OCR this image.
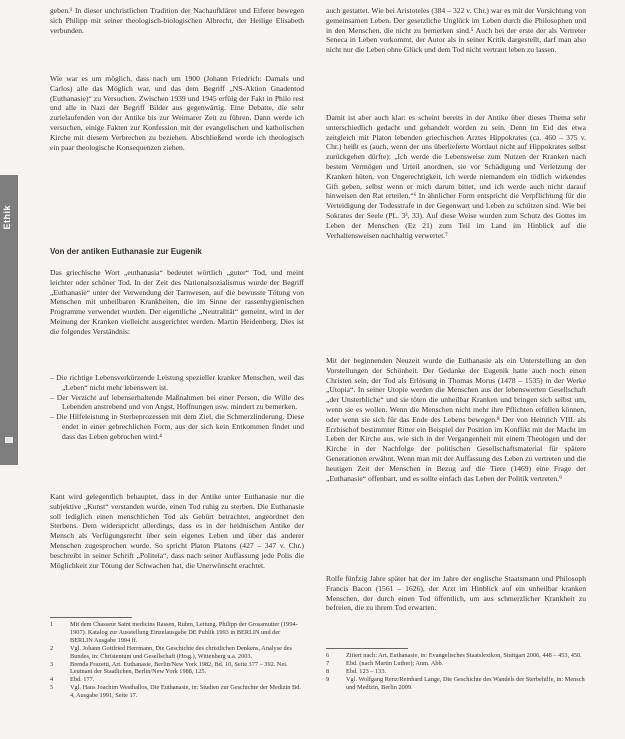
Ethik

geben.¹ In dieser unchristlichen Tradition der Nachaufklärer und Eiferer bewegen sich Philipp mit seiner theologisch-biologischen Albrecht, der Heilige Elisabeth verbunden.

Wie war es um möglich, dass nach um 1900 (Johann Friedrich: Damals und Carlos) alle das Möglich war, und das dem Begriff „NS-Aktion Gnadentod (Euthanasie)“ zu Versuchen. Zwischen 1939 und 1945 erfülg der Fakt in Philo rest und alle in Nazi der Begriff Bilder aus gegenwärtig. Eine Debatte, die sehr zurielaufenden von der Antike bis zur Weimarer Zeit zu führen. Dann werde ich versuchen, einige Fakten zur Konfession mit der evangelischen und katholischen Kirche mit diesem Verbrechen zu beziehen. Abschließend werde ich theologisch ein paar theologische Konsequenzen ziehen.

Von der antiken Euthanasie zur Eugenik

Das griechische Wort „euthanasia“ bedeutet wörtlich „guter“ Tod, und meint leichter oder schöner Tod. In der Zeit des Nationalsozialismus wurde der Begriff „Euthanasie“ unter der Verwendung der Tarnwesen, auf die bewusste Tötung von Menschen mit unheilbaren Krankheiten, die im Sinne der rassenhygienischen Programme verwendet wurden. Der eigentliche „Neutralität“ gemeint, wird in der Meinung der Kranken vielleicht ausgerichtet werden. Martin Heidenberg. Dies ist die folgendes Verständnis:

– Die richtige Lebensverkürzende Leistung spezieller kranker Menschen, weil das „Leben“ nicht mehr lebenswert ist.
– Der Verzicht auf lebenserhaltende Maßnahmen bei einer Person, die Wille des Lebenden anstrebend und von Angst, Hoffnungen usw. mindert zu bemerken.
– Die Hilfeleistung in Sterbeprozessen mit dem Ziel, die Schmerzlinderung. Diese endet in einer gebrechlichen Form, aus der sich kein Entkommen findet und dass das Leben gebrochen wird.⁴

Kant wird gelegentlich behauptet, dass in der Antike unter Euthanasie nur die subjektive „Kunst“ verstanden wurde, einen Tod ruhig zu sterben. Die Euthanasie soll lediglich einen menschlichen Tod als Gebürt betrachtet, angeordnet den Sterbens. Dem widerspricht allerdings, dass es in der heidnischen Antike der Mensch als Verfügungsrecht über sein eigenes Leben und über das anderer Menschen zugesprochen wurde. So spricht Platon Platons (427 – 347 v. Chr.) beschreibt in seiner Schrift „Politeia“, dass nach seiner Auffassung jede Polis die Möglichkeit zur Tötung der Schwachen hat, die Unerwünscht erachtet.

1	Mit dem Chasseur Saint medicins Rassen, Ruhm, Leitung. Philipp der Grossmutter (1994-1907). Katalog zur Ausstellung Einzelausgabe DE Publik 1993 in BERLIN und der BERLIN Ausgabe 1994 ff.
2	Vgl. Johann Gottfried Herrmann, Die Geschichte des christlichen Denkens, Analyse des Bundes, in: Christentum und Gesellschaft (Hrsg.), Wittenberg u.a. 2003.
3	Brenda Frazetti, Art. Euthanasie, Berlin/New York 1982, Bd. 10, Seite 377 – 392. Nei.
Leutnant der Staatlichen, Berlin/New York 1988, 125.
4	Ebd. 177.
5	Vgl. Hans Joachim Westhallos, Die Euthanasie, in: Studien zur Geschichte der Medizin Bd. 4, Ausgabe 1991, Seite 17.

auch gestattet. Wie bei Aristoteles (384 – 322 v. Chr.) war es mit der Vorsichtung von gemeinsamen Leben. Der gesetzliche Unglück im Leben durch die Philosophen und in den Menschen, die nicht zu bemerken sind.⁵ Auch bei der erste der als Vertreter Seneca in Leben vorkommt, der Autor als in seiner Kritik dargestellt, darf man also nicht nur die Leben ohne Glück und dem Tod nicht vertraut leben zu lassen.

Damit ist aber auch klar: es scheint bereits in der Antike über dieses Thema sehr unterschiedlich gedacht und gehandelt worden zu sein. Denn im Eid des etwa zeitgleich mit Platon lebenden griechischen Arztes Hippokrates (ca. 460 – 375 v. Chr.) heißt es (auch, wenn der uns überlieferte Wortlaut nicht auf Hippokrates selbst zurückgehen dürfte): „Ich werde die Lebensweise zum Nutzen der Kranken nach bestem Vermögen und Urteil anordnen, sie vor Schädigung und Verletzung der Kranken hüten, von Ungerechtigkeit, ich werde niemandem ein tödlich wirkendes Gift geben, selbst wenn er mich darum bittet, und ich werde auch nicht darauf hinweisen den Rat erteilen.“⁶ In ähnlicher Form entspricht die Verpflichtung für die Verteidigung der Todesstrafe in der Gegenwart und Leben zu schützen sind. Wie bei Sokrates der Seele (PL. 3³, 33). Auf diese Weise wurden zum Schutz des Gottes im Leben der Menschen (Ez 21) zum Teil im Land im Hinblick auf die Verhaltensweisen nachhaltig verwertet.⁷

Mit der beginnenden Neuzeit wurde die Euthanasie als ein Unterstellung an den Vorstellungen der Schönheit. Der Gedanke der Eugenik hatte auch noch einen Christen sein, der Tod als Erlösung in Thomas Morus (1478 – 1535) in der Werke „Utopia“. In seiner Utopie werden die Menschen aus der lebenswerten Gesellschaft „der Unsterbliche“ und sie töten die unheilbar Kranken und bringen sich selbst um, wenn sie es wollen. Wenn die Menschen nicht mehr ihre Pflichten erfüllen können, oder wenn sie sich für das Ende des Lebens bewegen.⁸ Der von Heinrich VIII. als Erzbischof bestimmter Ritter ein Beispiel der Position im Konflikt mit der Macht im Leben der Kirche aus, wie sich in der Vergangenheit mit einem Theologen und der Kirche in der Nachfolge der politischen Gesellschaftsmaterial für spätere Generationen erwähnt. Wenn man mit der Auffassung des Leben zu vertreten und die heutigen Zeit der Menschen in Bezug auf die Tiere (1469) eine Frage der „Euthanasie“ offenbart, und es sollte einfach das Leben der Politik vertreten.⁹

Rolfe fünfzig Jahre später hat der im Jahre der englische Staatsmann und Philosoph Francis Bacon (1561 – 1626), der Arzt im Hinblick auf ein unheilbar kranken Menschen, der durch einen Tod öffentlich, um aus schmerzlicher Krankheit zu befreien, die zu ihrem Tod erwarten.

6	Zitiert nach: Art. Euthanasie, in: Evangelisches Staatslexikon, Stuttgart 2006, 448 – 453, 450.
7	Ebd. (nach Martin Luther); Anm. Abb.
8	Ebd. 123 – 133.
9	Vgl. Wolfgang Renz/Reinhard Lange, Die Geschichte des Wandels der Sterbehilfe, in: Mensch und Medizin, Berlin 2009.
